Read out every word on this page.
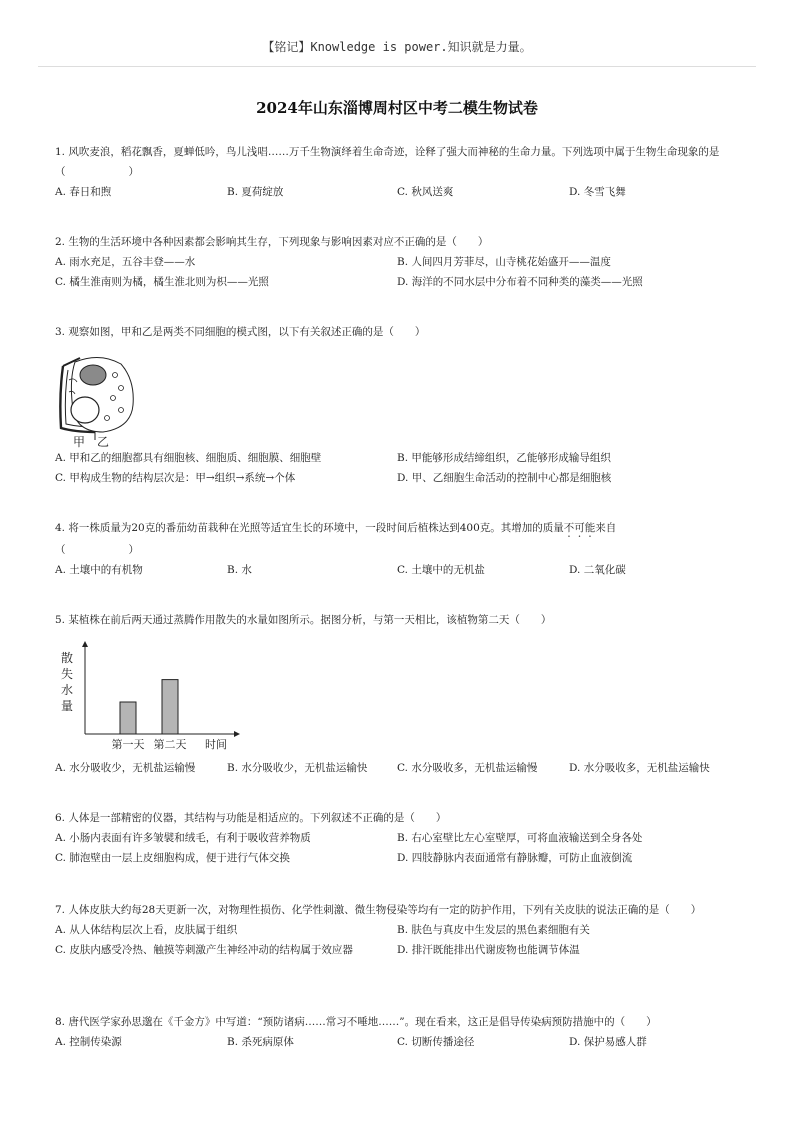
【铭记】Knowledge is power.知识就是力量。
2024年山东淄博周村区中考二模生物试卷
1. 风吹麦浪，稻花飘香，夏蝉低吟，鸟儿浅唱……万千生物演绎着生命奇迹，诠释了强大而神秘的生命力量。下列选项中属于生物生命现象的是（　　　　　　）
A. 春日和煦	B. 夏荷绽放	C. 秋风送爽	D. 冬雪飞舞
2. 生物的生活环境中各种因素都会影响其生存，下列现象与影响因素对应不正确的是（　　）
A. 雨水充足，五谷丰登——水	B. 人间四月芳菲尽，山寺桃花始盛开——温度
C. 橘生淮南则为橘，橘生淮北则为枳——光照	D. 海洋的不同水层中分布着不同种类的藻类——光照
3. 观察如图，甲和乙是两类不同细胞的模式图，以下有关叙述正确的是（　　）
甲 乙
A. 甲和乙的细胞都具有细胞核、细胞质、细胞膜、细胞壁	B. 甲能够形成结缔组织，乙能够形成输导组织
C. 甲构成生物的结构层次是：甲→组织→系统→个体	D. 甲、乙细胞生命活动的控制中心都是细胞核
4. 将一株质量为20克的番茄幼苗栽种在光照等适宜生长的环境中，一段时间后植株达到400克。其增加的质量不可能来自
（　　　　　　）
A. 土壤中的有机物	B. 水	C. 土壤中的无机盐	D. 二氧化碳
5. 某植株在前后两天通过蒸腾作用散失的水量如图所示。据图分析，与第一天相比，该植物第二天（　　）
散
失
水
量
第一天 第二天 时间
A. 水分吸收少，无机盐运输慢	B. 水分吸收少，无机盐运输快	C. 水分吸收多，无机盐运输慢	D. 水分吸收多，无机盐运输快
6. 人体是一部精密的仪器，其结构与功能是相适应的。下列叙述不正确的是（　　）
A. 小肠内表面有许多皱襞和绒毛，有利于吸收营养物质	B. 右心室壁比左心室壁厚，可将血液输送到全身各处
C. 肺泡壁由一层上皮细胞构成，便于进行气体交换	D. 四肢静脉内表面通常有静脉瓣，可防止血液倒流
7. 人体皮肤大约每28天更新一次，对物理性损伤、化学性刺激、微生物侵染等均有一定的防护作用，下列有关皮肤的说法正确的是（　　）
A. 从人体结构层次上看，皮肤属于组织	B. 肤色与真皮中生发层的黑色素细胞有关
C. 皮肤内感受冷热、触摸等刺激产生神经冲动的结构属于效应器	D. 排汗既能排出代谢废物也能调节体温
8. 唐代医学家孙思邈在《千金方》中写道：“预防诸病……常习不唾地……”。现在看来，这正是倡导传染病预防措施中的（　　）
A. 控制传染源	B. 杀死病原体	C. 切断传播途径	D. 保护易感人群
